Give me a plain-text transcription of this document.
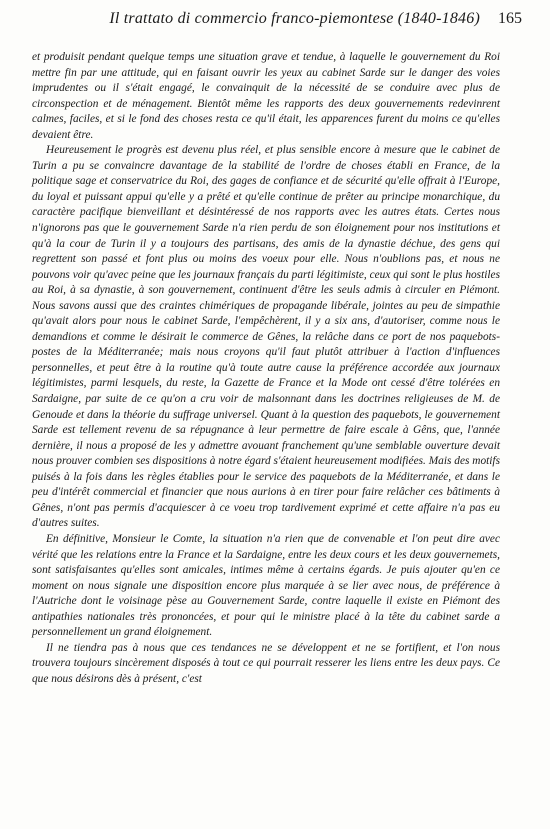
Il trattato di commercio franco-piemontese (1840-1846) 165

et produisit pendant quelque temps une situation grave et tendue, à laquelle le gouvernement du Roi mettre fin par une attitude, qui en faisant ouvrir les yeux au cabinet Sarde sur le danger des voies imprudentes ou il s'était engagé, le convainquit de la nécessité de se conduire avec plus de circonspection et de ménagement. Bientôt même les rapports des deux gouvernements redevinrent calmes, faciles, et si le fond des choses resta ce qu'il était, les apparences furent du moins ce qu'elles devaient être.

Heureusement le progrès est devenu plus réel, et plus sensible encore à mesure que le cabinet de Turin a pu se convaincre davantage de la stabilité de l'ordre de choses établi en France, de la politique sage et conservatrice du Roi, des gages de confiance et de sécurité qu'elle offrait à l'Europe, du loyal et puissant appui qu'elle y a prêté et qu'elle continue de prêter au principe monarchique, du caractère pacifique bienveillant et désintéressé de nos rapports avec les autres états. Certes nous n'ignorons pas que le gouvernement Sarde n'a rien perdu de son éloignement pour nos institutions et qu'à la cour de Turin il y a toujours des partisans, des amis de la dynastie déchue, des gens qui regrettent son passé et font plus ou moins des voeux pour elle. Nous n'oublions pas, et nous ne pouvons voir qu'avec peine que les journaux français du parti légitimiste, ceux qui sont le plus hostiles au Roi, à sa dynastie, à son gouvernement, continuent d'être les seuls admis à circuler en Piémont. Nous savons aussi que des craintes chimériques de propagande libérale, jointes au peu de simpathie qu'avait alors pour nous le cabinet Sarde, l'empêchèrent, il y a six ans, d'autoriser, comme nous le demandions et comme le désirait le commerce de Gênes, la relâche dans ce port de nos paquebots-postes de la Méditerranée; mais nous croyons qu'il faut plutôt attribuer à l'action d'influences personnelles, et peut être à la routine qu'à toute autre cause la préférence accordée aux journaux légitimistes, parmi lesquels, du reste, la Gazette de France et la Mode ont cessé d'être tolérées en Sardaigne, par suite de ce qu'on a cru voir de malsonnant dans les doctrines religieuses de M. de Genoude et dans la théorie du suffrage universel. Quant à la question des paquebots, le gouvernement Sarde est tellement revenu de sa répugnance à leur permettre de faire escale à Gêns, que, l'année dernière, il nous a proposé de les y admettre avouant franchement qu'une semblable ouverture devait nous prouver combien ses dispositions à notre égard s'étaient heureusement modifiées. Mais des motifs puisés à la fois dans les règles établies pour le service des paquebots de la Méditerranée, et dans le peu d'intérêt commercial et financier que nous aurions à en tirer pour faire relâcher ces bâtiments à Gênes, n'ont pas permis d'acquiescer à ce voeu trop tardivement exprimé et cette affaire n'a pas eu d'autres suites.

En définitive, Monsieur le Comte, la situation n'a rien que de convenable et l'on peut dire avec vérité que les relations entre la France et la Sardaigne, entre les deux cours et les deux gouvernemets, sont satisfaisantes qu'elles sont amicales, intimes même à certains égards. Je puis ajouter qu'en ce moment on nous signale une disposition encore plus marquée à se lier avec nous, de préférence à l'Autriche dont le voisinage pèse au Gouvernement Sarde, contre laquelle il existe en Piémont des antipathies nationales très prononcées, et pour qui le ministre placé à la tête du cabinet sarde a personnellement un grand éloignement.

Il ne tiendra pas à nous que ces tendances ne se développent et ne se fortifient, et l'on nous trouvera toujours sincèrement disposés à tout ce qui pourrait resserer les liens entre les deux pays. Ce que nous désirons dès à présent, c'est
